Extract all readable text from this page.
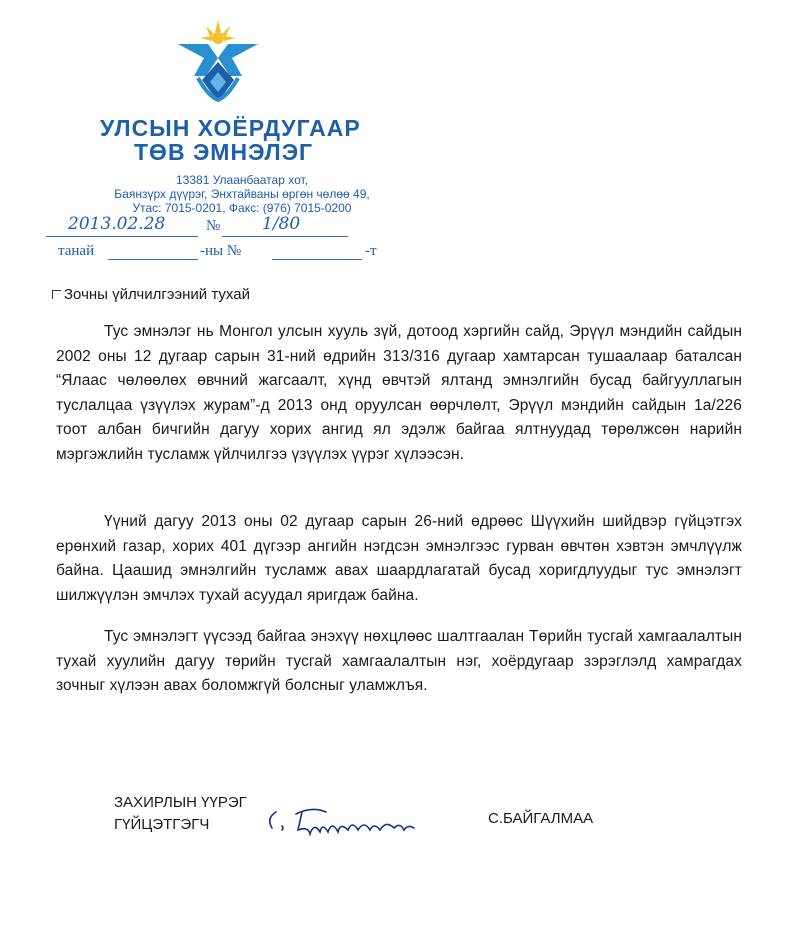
УЛСЫН ХОЁРДУГААР
ТӨВ ЭМНЭЛЭГ
13381 Улаанбаатар хот,
Баянзүрх дүүрэг, Энхтайваны өргөн чөлөө 49,
Утас: 7015-0201, Факс: (976) 7015-0200
2013.02.28	№ 1/80
танай	-ны №	-т
Зочны үйлчилгээний тухай
Тус эмнэлэг нь Монгол улсын хууль зүй, дотоод хэргийн сайд, Эрүүл мэндийн сайдын 2002 оны 12 дугаар сарын 31-ний өдрийн 313/316 дугаар хамтарсан тушаалаар баталсан “Ялаас чөлөөлөх өвчний жагсаалт, хүнд өвчтэй ялтанд эмнэлгийн бусад байгууллагын туслалцаа үзүүлэх журам”-д 2013 онд оруулсан өөрчлөлт, Эрүүл мэндийн сайдын 1а/226 тоот албан бичгийн дагуу хорих ангид ял эдэлж байгаа ялтнуудад төрөлжсөн нарийн мэргэжлийн тусламж үйлчилгээ үзүүлэх үүрэг хүлээсэн.
Үүний дагуу 2013 оны 02 дугаар сарын 26-ний өдрөөс Шүүхийн шийдвэр гүйцэтгэх ерөнхий газар, хорих 401 дүгээр ангийн нэгдсэн эмнэлгээс гурван өвчтөн хэвтэн эмчлүүлж байна. Цаашид эмнэлгийн тусламж авах шаардлагатай бусад хоригдлуудыг тус эмнэлэгт шилжүүлэн эмчлэх тухай асуудал яригдаж байна.
Тус эмнэлэгт үүсээд байгаа энэхүү нөхцлөөс шалтгаалан Төрийн тусгай хамгаалалтын тухай хуулийн дагуу төрийн тусгай хамгаалалтын нэг, хоёрдугаар зэрэглэлд хамрагдах зочныг хүлээн авах боломжгүй болсныг уламжлъя.
ЗАХИРЛЫН ҮҮРЭГ
ГҮЙЦЭТГЭГЧ	С.БАЙГАЛМАА
